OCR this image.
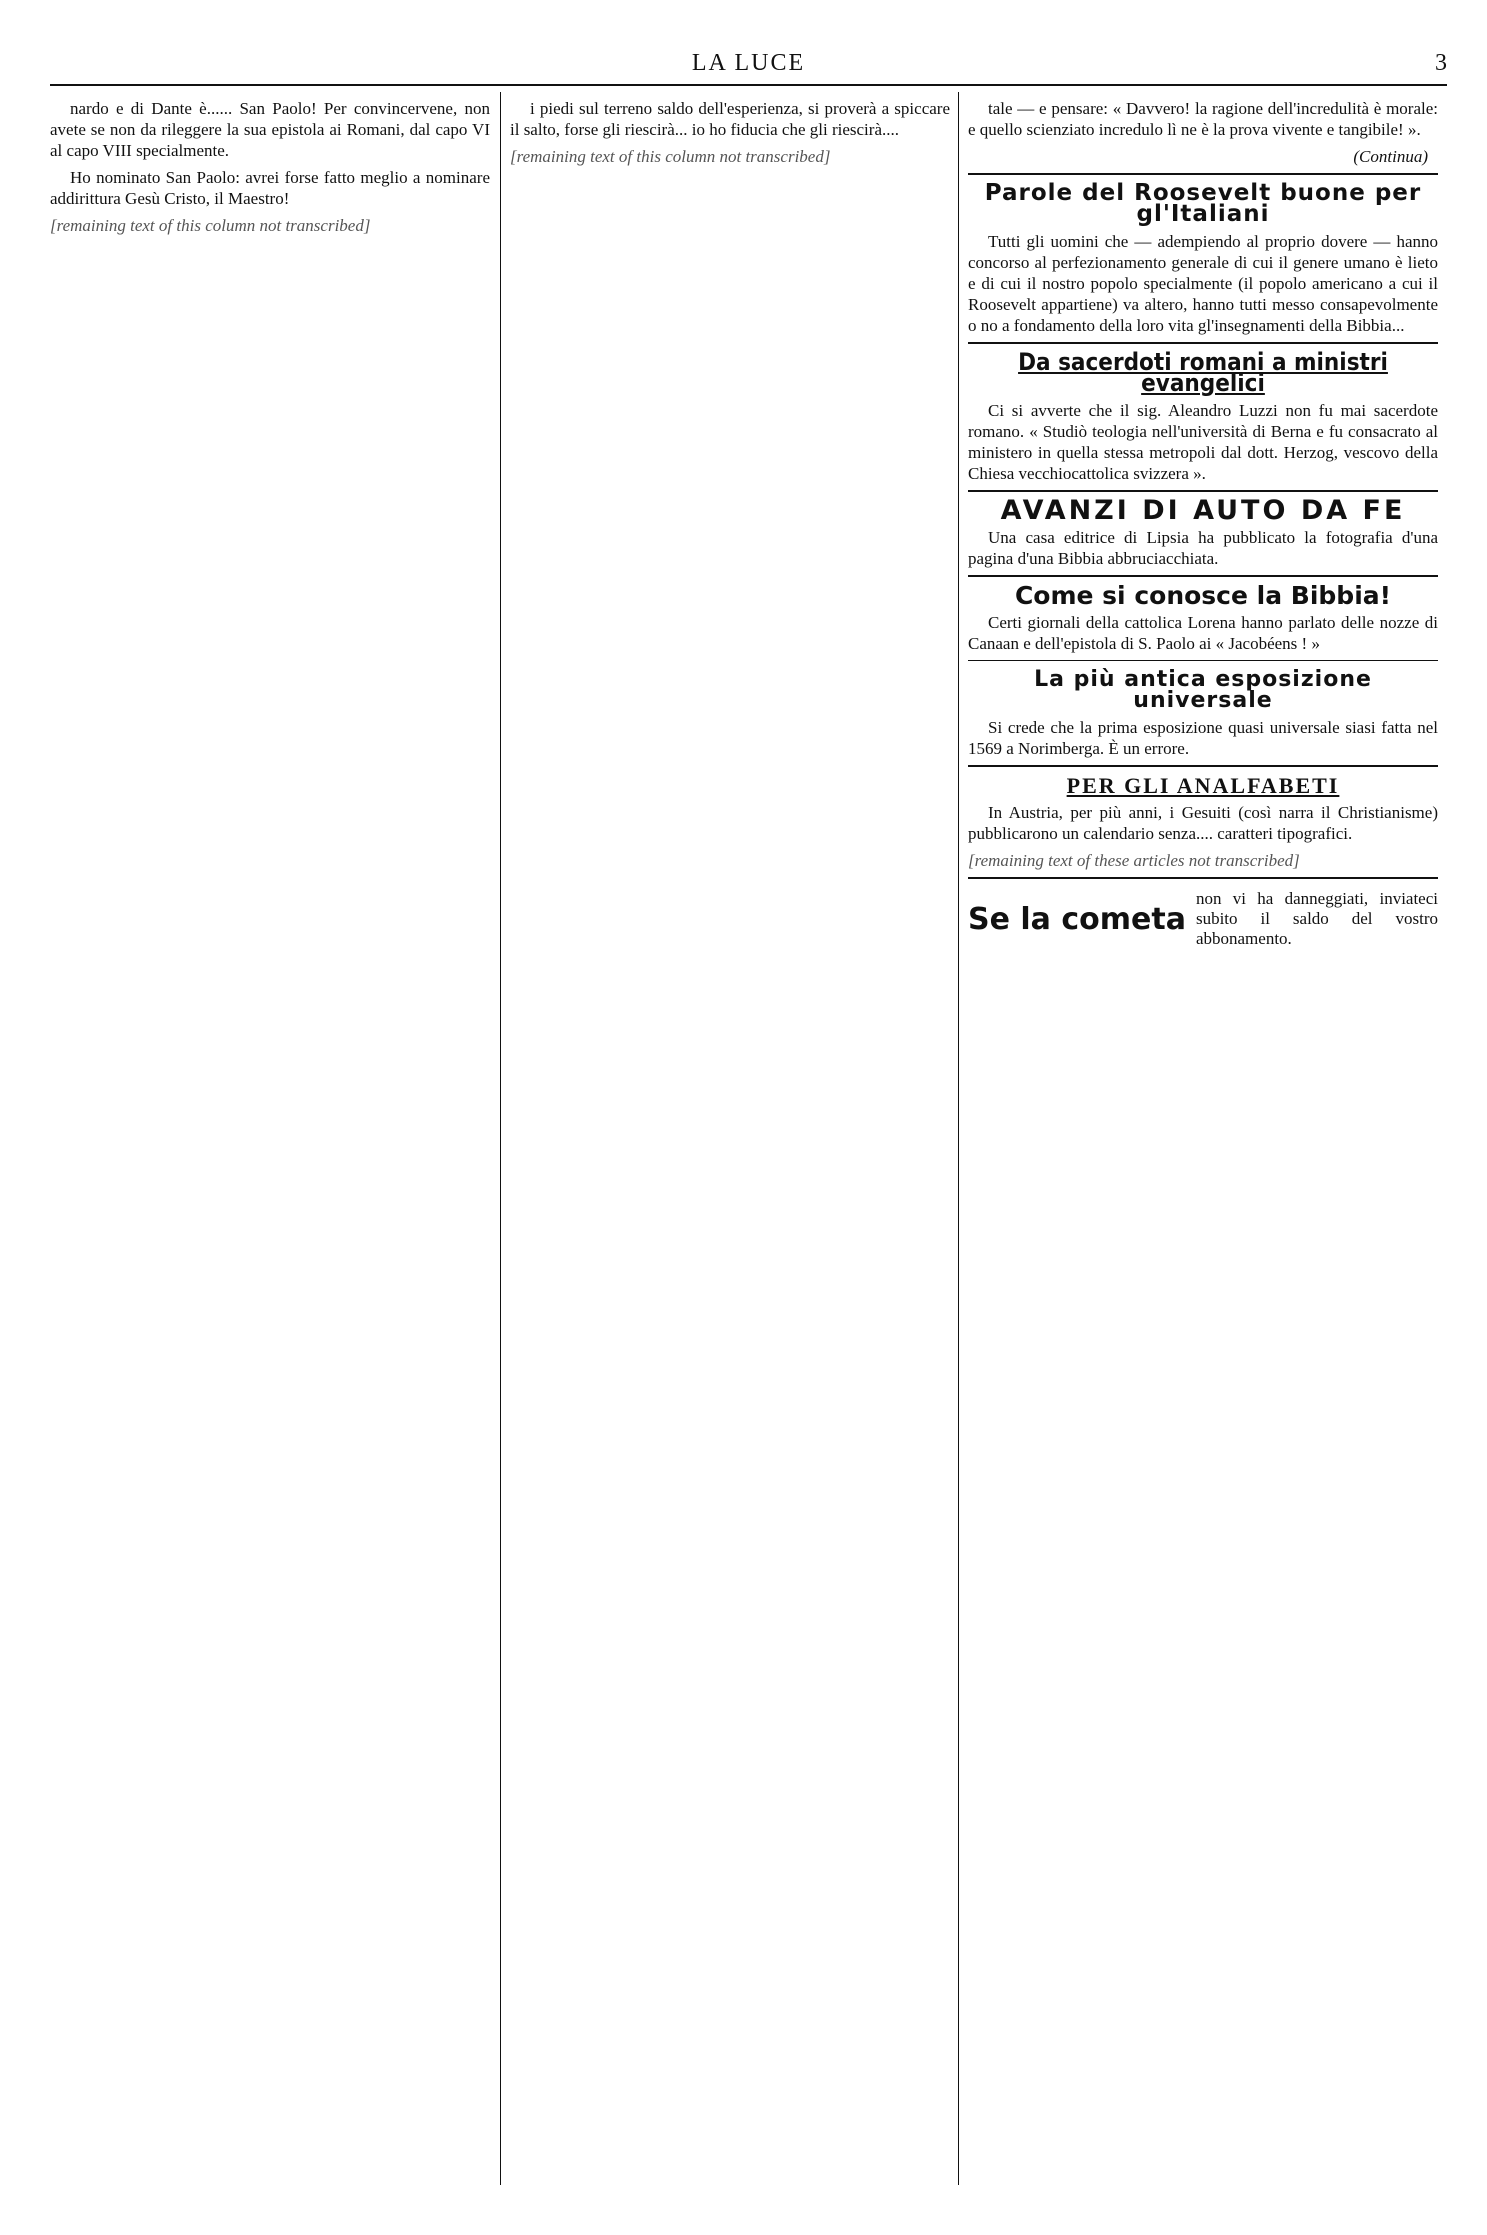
LA LUCE	3

nardo e di Dante è...... San Paolo! Per convincervene, non avete se non da rileggere la sua epistola ai Romani, dal capo VI al capo VIII specialmente.

Ho nominato San Paolo: avrei forse fatto meglio a nominare addirittura Gesù Cristo, il Maestro!

[remaining text of this column not transcribed]

i piedi sul terreno saldo dell'esperienza, si proverà a spiccare il salto, forse gli riescirà... io ho fiducia che gli riescirà....

[remaining text of this column not transcribed]

tale — e pensare: « Davvero! la ragione dell'incredulità è morale: e quello scienziato incredulo lì ne è la prova vivente e tangibile! ».

(Continua)
Parole del Roosevelt buone per gl'Italiani

Tutti gli uomini che — adempiendo al proprio dovere — hanno concorso al perfezionamento generale di cui il genere umano è lieto e di cui il nostro popolo specialmente (il popolo americano a cui il Roosevelt appartiene) va altero, hanno tutti messo consapevolmente o no a fondamento della loro vita gl'insegnamenti della Bibbia...

Da sacerdoti romani a ministri evangelici

Ci si avverte che il sig. Aleandro Luzzi non fu mai sacerdote romano. « Studiò teologia nell'università di Berna e fu consacrato al ministero in quella stessa metropoli dal dott. Herzog, vescovo della Chiesa vecchiocattolica svizzera ».

AVANZI DI AUTO DA FE

Una casa editrice di Lipsia ha pubblicato la fotografia d'una pagina d'una Bibbia abbruciacchiata.

Come si conosce la Bibbia!

Certi giornali della cattolica Lorena hanno parlato delle nozze di Canaan e dell'epistola di S. Paolo ai « Jacobéens ! »

La più antica esposizione universale

Si crede che la prima esposizione quasi universale siasi fatta nel 1569 a Norimberga. È un errore.

PER GLI ANALFABETI

In Austria, per più anni, i Gesuiti (così narra il Christianisme) pubblicarono un calendario senza.... caratteri tipografici.

[remaining text of these articles not transcribed]

Se la cometa
non vi ha danneggiati, inviateci subito il saldo del vostro abbonamento.
